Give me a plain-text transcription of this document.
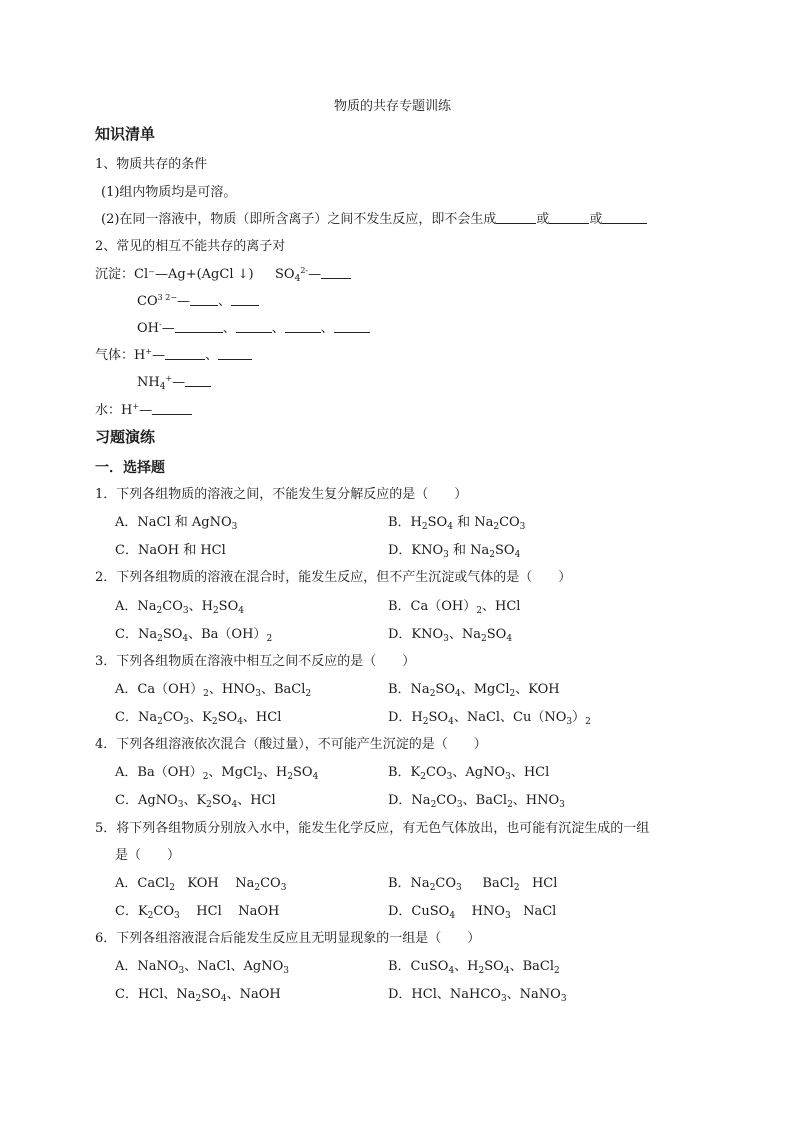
物质的共存专题训练
知识清单
1、物质共存的条件
(1)组内物质均是可溶。
(2)在同一溶液中，物质（即所含离子）之间不发生反应，即不会生成	或	或
2、常见的相互不能共存的离子对
沉淀：Cl⁻—Ag+(AgCl ↓) $SO_4^{2-}—$
$CO^{3 2-}—$ 、
OH-—	、	、	、
气体：H+—	、
$NH_4^+—$
水：H+—
习题演练
一．选择题
1．下列各组物质的溶液之间，不能发生复分解反应的是（　　）
A．NaCl 和 AgNO$_3$	B．$H_2SO_4$ 和 $Na_2CO_3$
C．NaOH 和 HCl	D．$KNO_3$ 和 $Na_2SO_4$
2．下列各组物质的溶液在混合时，能发生反应，但不产生沉淀或气体的是（　　）
A．$Na_2CO_3$、$H_2SO_4$	B．$Ca(OH)_2$、HCl
C．$Na_2SO_4$、$Ba(OH)_2$	D．$KNO_3$、$Na_2SO_4$
3．下列各组物质在溶液中相互之间不反应的是（　　）
A．$Ca(OH)_2$、$HNO_3$、BaCl$_2$	B．$Na_2SO_4$、MgCl$_2$、KOH
C．$Na_2CO_3$、$K_2SO_4$、HCl	D．$H_2SO_4$、NaCl、$Cu(NO_3)_2$
4．下列各组溶液依次混合（酸过量），不可能产生沉淀的是（　　）
A．$Ba(OH)_2$、MgCl$_2$、$H_2SO_4$	B．$K_2CO_3$、AgNO$_3$、HCl
C．AgNO$_3$、$K_2SO_4$、HCl	D．$Na_2CO_3$、BaCl$_2$、$HNO_3$
5．将下列各组物质分别放入水中，能发生化学反应，有无色气体放出，也可能有沉淀生成的一组
是（　　）
A．CaCl$_2$   KOH    $Na_2CO_3$	B．$Na_2CO_3$     BaCl$_2$   HCl
C．$K_2CO_3$    HCl    NaOH	D．CuSO$_4$    $HNO_3$   NaCl
6．下列各组溶液混合后能发生反应且无明显现象的一组是（　　）
A．NaNO$_3$、NaCl、AgNO$_3$	B．CuSO$_4$、$H_2SO_4$、BaCl$_2$
C．HCl、$Na_2SO_4$、NaOH	D．HCl、NaHCO$_3$、NaNO$_3$
